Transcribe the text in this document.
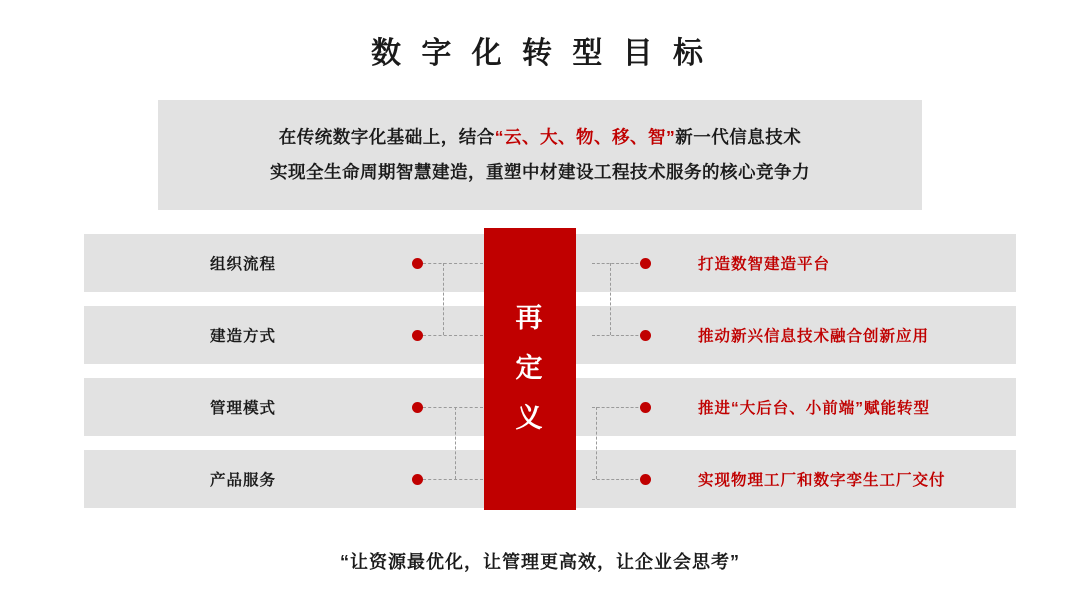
数 字 化 转 型 目 标
在传统数字化基础上，结合“云、大、物、移、智”新一代信息技术
实现全生命周期智慧建造，重塑中材建设工程技术服务的核心竞争力
组织流程	打造数智建造平台
建造方式	推动新兴信息技术融合创新应用
管理模式	推进“大后台、小前端”赋能转型
产品服务	实现物理工厂和数字孪生工厂交付
再
定
义
“让资源最优化，让管理更高效，让企业会思考”
